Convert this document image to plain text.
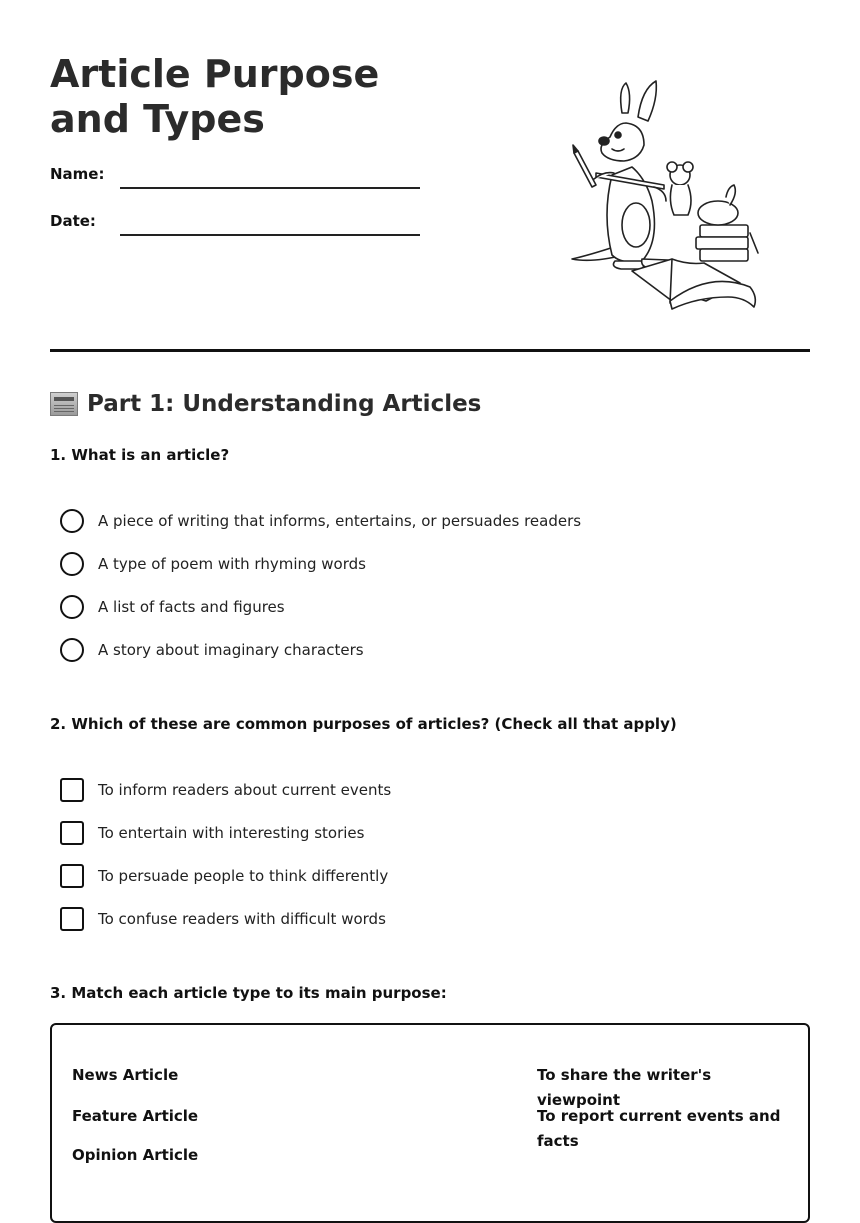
Article Purpose and Types
Name:
Date:
Part 1: Understanding Articles
1. What is an article?
A piece of writing that informs, entertains, or persuades readers
A type of poem with rhyming words
A list of facts and figures
A story about imaginary characters
2. Which of these are common purposes of articles? (Check all that apply)
To inform readers about current events
To entertain with interesting stories
To persuade people to think differently
To confuse readers with difficult words
3. Match each article type to its main purpose:
News Article
Feature Article
Opinion Article
To share the writer's viewpoint
To report current events and facts
